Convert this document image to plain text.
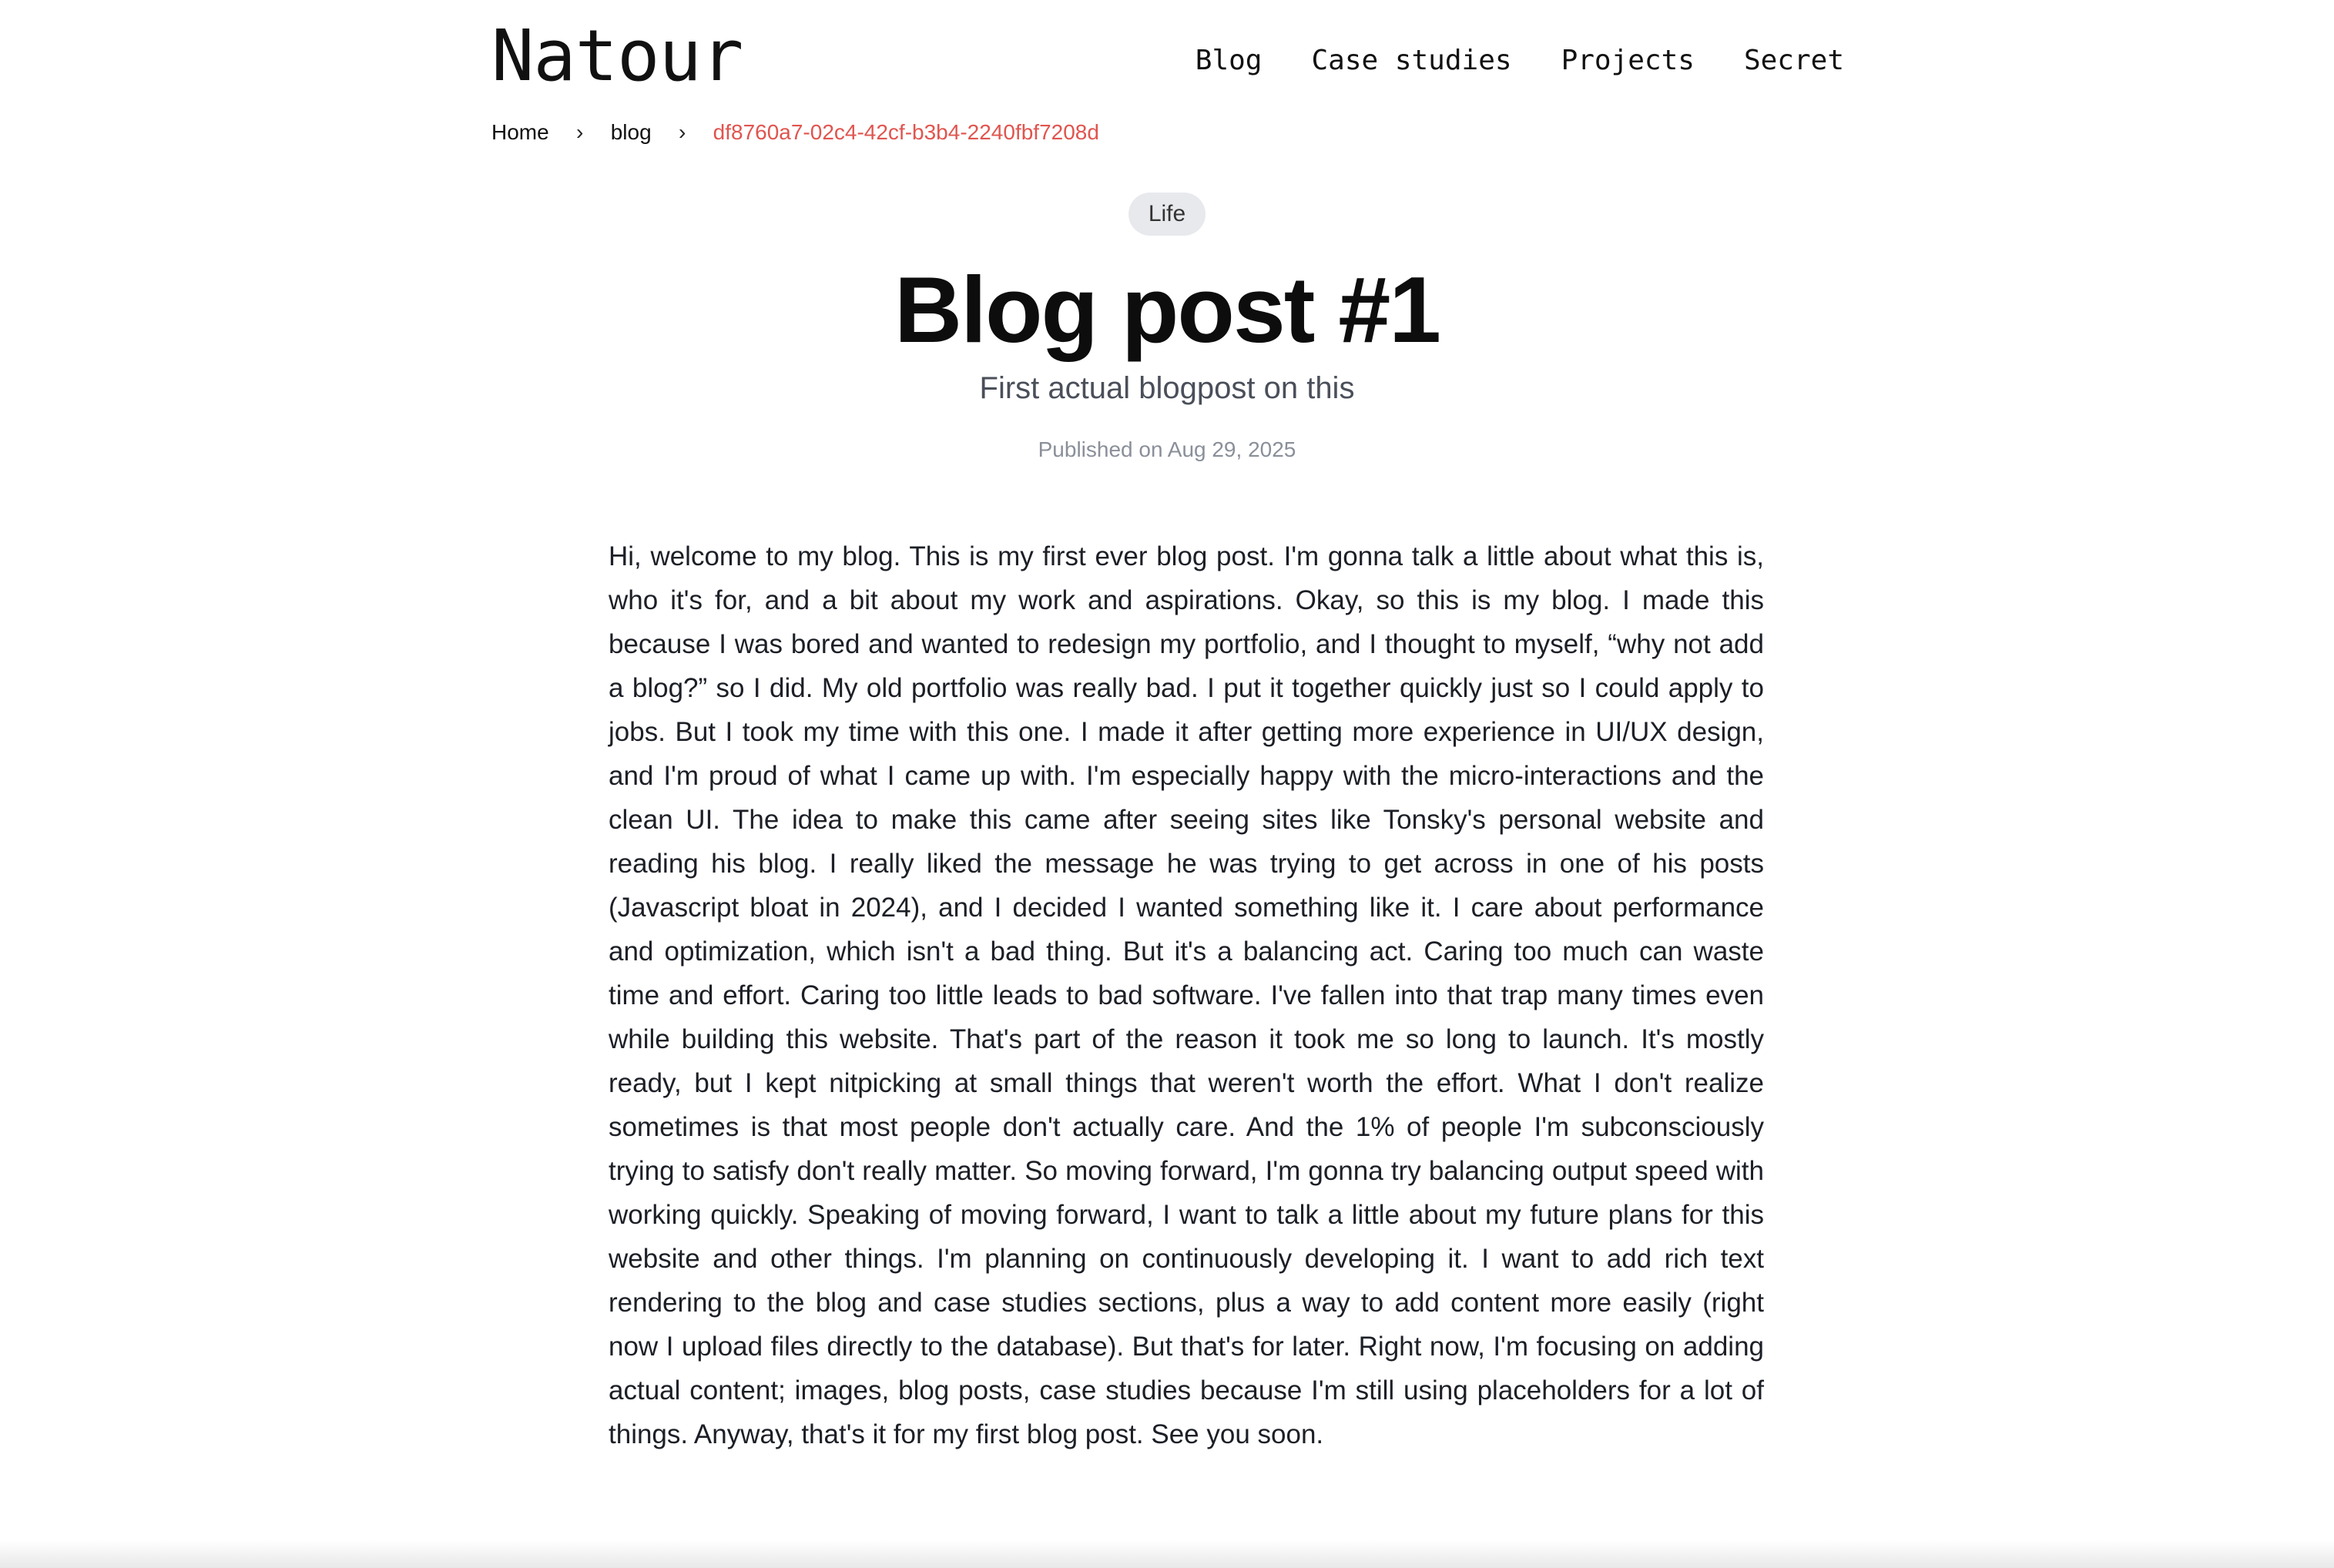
Natour	Blog Case studies Projects Secret
Home	›	blog	›	df8760a7-02c4-42cf-b3b4-2240fbf7208d
Life
Blog post #1

First actual blogpost on this

Published on Aug 29, 2025

Hi, welcome to my blog. This is my first ever blog post. I'm gonna talk a little about what this is, who it's for, and a bit about my work and aspirations. Okay, so this is my blog. I made this because I was bored and wanted to redesign my portfolio, and I thought to myself, “why not add a blog?” so I did. My old portfolio was really bad. I put it together quickly just so I could apply to jobs. But I took my time with this one. I made it after getting more experience in UI/UX design, and I'm proud of what I came up with. I'm especially happy with the micro-interactions and the clean UI. The idea to make this came after seeing sites like Tonsky's personal website and reading his blog. I really liked the message he was trying to get across in one of his posts (Javascript bloat in 2024), and I decided I wanted something like it. I care about performance and optimization, which isn't a bad thing. But it's a balancing act. Caring too much can waste time and effort. Caring too little leads to bad software. I've fallen into that trap many times even while building this website. That's part of the reason it took me so long to launch. It's mostly ready, but I kept nitpicking at small things that weren't worth the effort. What I don't realize sometimes is that most people don't actually care. And the 1% of people I'm subconsciously trying to satisfy don't really matter. So moving forward, I'm gonna try balancing output speed with working quickly. Speaking of moving forward, I want to talk a little about my future plans for this website and other things. I'm planning on continuously developing it. I want to add rich text rendering to the blog and case studies sections, plus a way to add content more easily (right now I upload files directly to the database). But that's for later. Right now, I'm focusing on adding actual content; images, blog posts, case studies because I'm still using placeholders for a lot of things. Anyway, that's it for my first blog post. See you soon.
